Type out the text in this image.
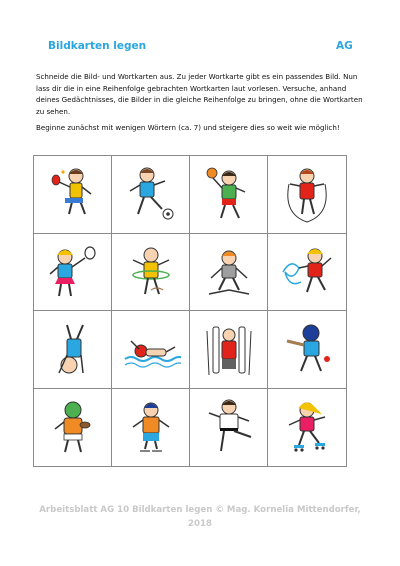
Bildkarten legen	AG

Schneide die Bild- und Wortkarten aus. Zu jeder Wortkarte gibt es ein passendes Bild. Nun lass dir die in eine Reihenfolge gebrachten Wortkarten laut vorlesen. Versuche, anhand deines Gedächtnisses, die Bilder in die gleiche Reihenfolge zu bringen, ohne die Wortkarten zu sehen.

Beginne zunächst mit wenigen Wörtern (ca. 7) und steigere dies so weit wie möglich!

Arbeitsblatt AG 10 Bildkarten legen © Mag. Kornelia Mittendorfer,
2018
